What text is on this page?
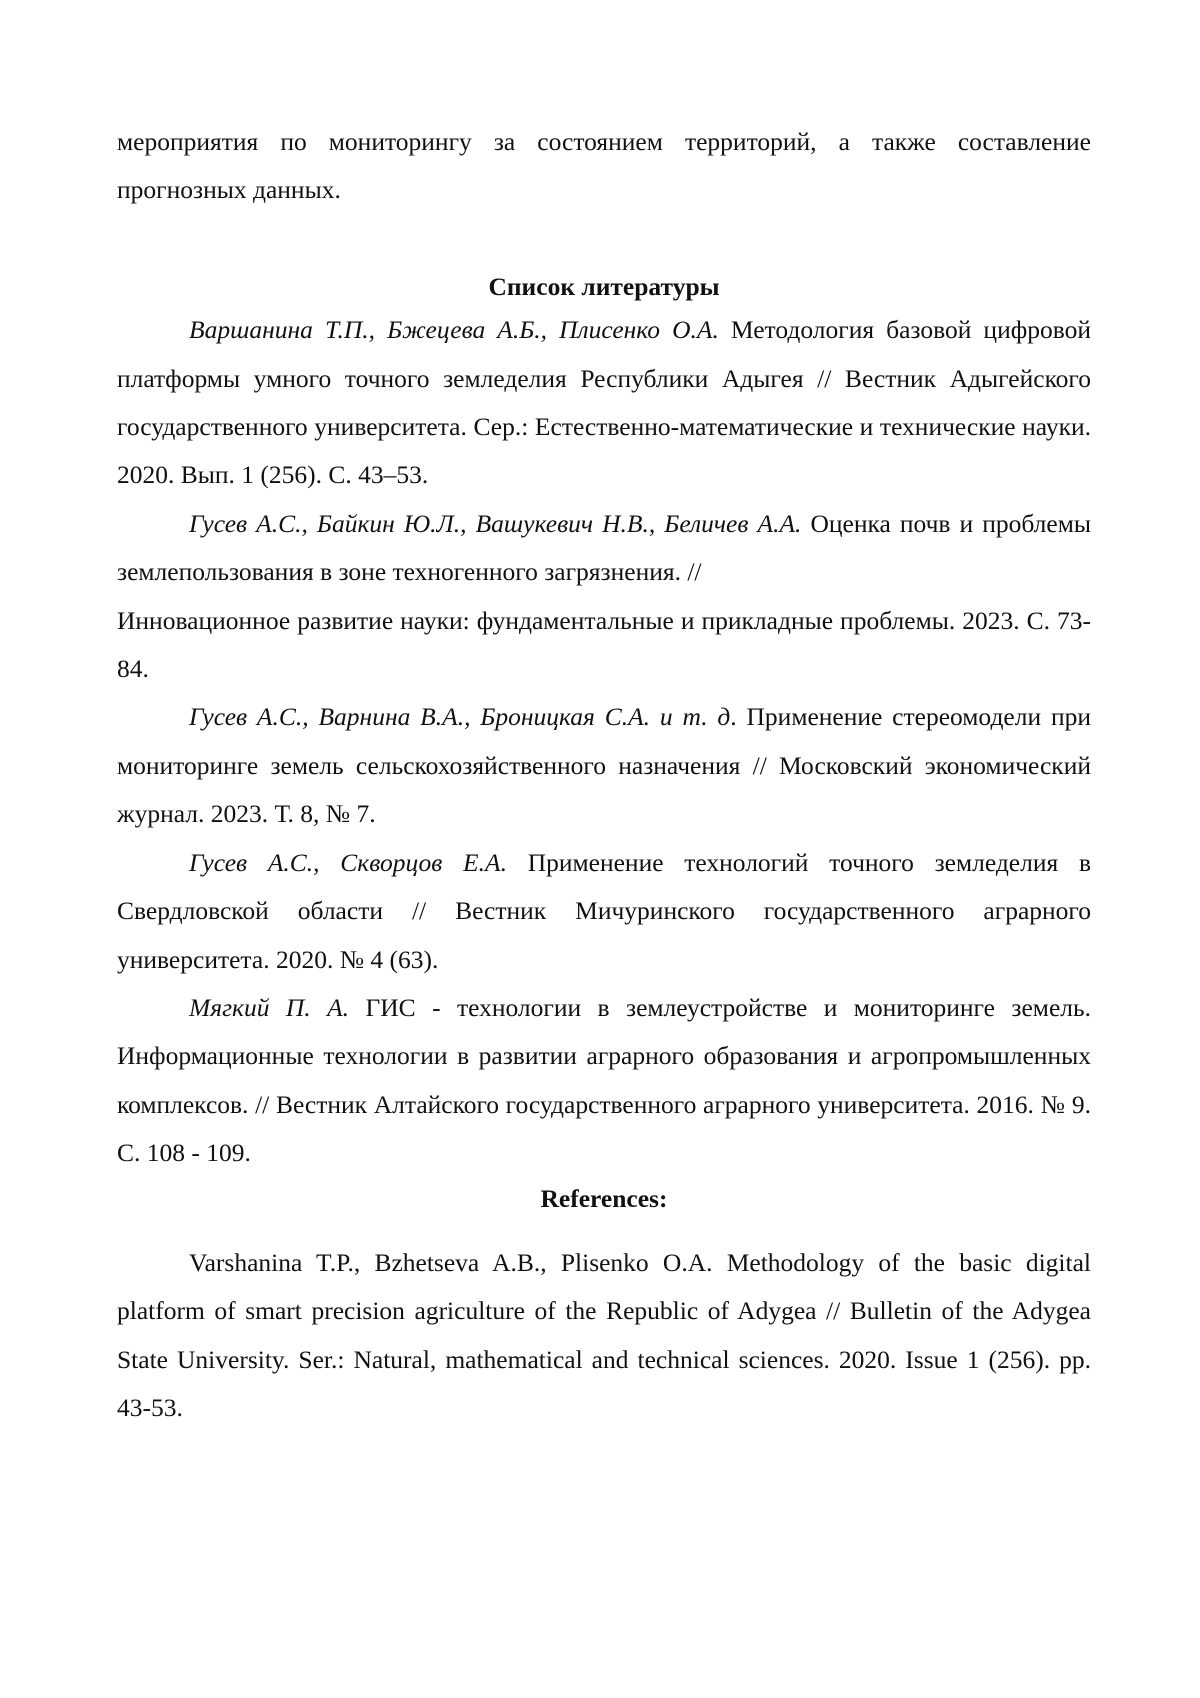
мероприятия по мониторингу за состоянием территорий, а также составление прогнозных данных.

Список литературы

Варшанина Т.П., Бжецева А.Б., Плисенко О.А. Методология базовой цифровой платформы умного точного земледелия Республики Адыгея // Вестник Адыгейского государственного университета. Сер.: Естественно-математические и технические науки. 2020. Вып. 1 (256). С. 43–53.

Гусев А.С., Байкин Ю.Л., Вашукевич Н.В., Беличев А.А. Оценка почв и проблемы землепользования в зоне техногенного загрязнения. //

Инновационное развитие науки: фундаментальные и прикладные проблемы. 2023. С. 73-84.

Гусев А.С., Варнина В.А., Броницкая С.А. и т. д. Применение стереомодели при мониторинге земель сельскохозяйственного назначения // Московский экономический журнал. 2023. Т. 8, № 7.

Гусев А.С., Скворцов Е.А. Применение технологий точного земледелия в Свердловской области // Вестник Мичуринского государственного аграрного университета. 2020. № 4 (63).

Мягкий П. А. ГИС - технологии в землеустройстве и мониторинге земель. Информационные технологии в развитии аграрного образования и агропромышленных комплексов. // Вестник Алтайского государственного аграрного университета. 2016. № 9. С. 108 - 109.

References:

Varshanina T.P., Bzhetseva A.B., Plisenko O.A. Methodology of the basic digital platform of smart precision agriculture of the Republic of Adygea // Bulletin of the Adygea State University. Ser.: Natural, mathematical and technical sciences. 2020. Issue 1 (256). pp. 43-53.
